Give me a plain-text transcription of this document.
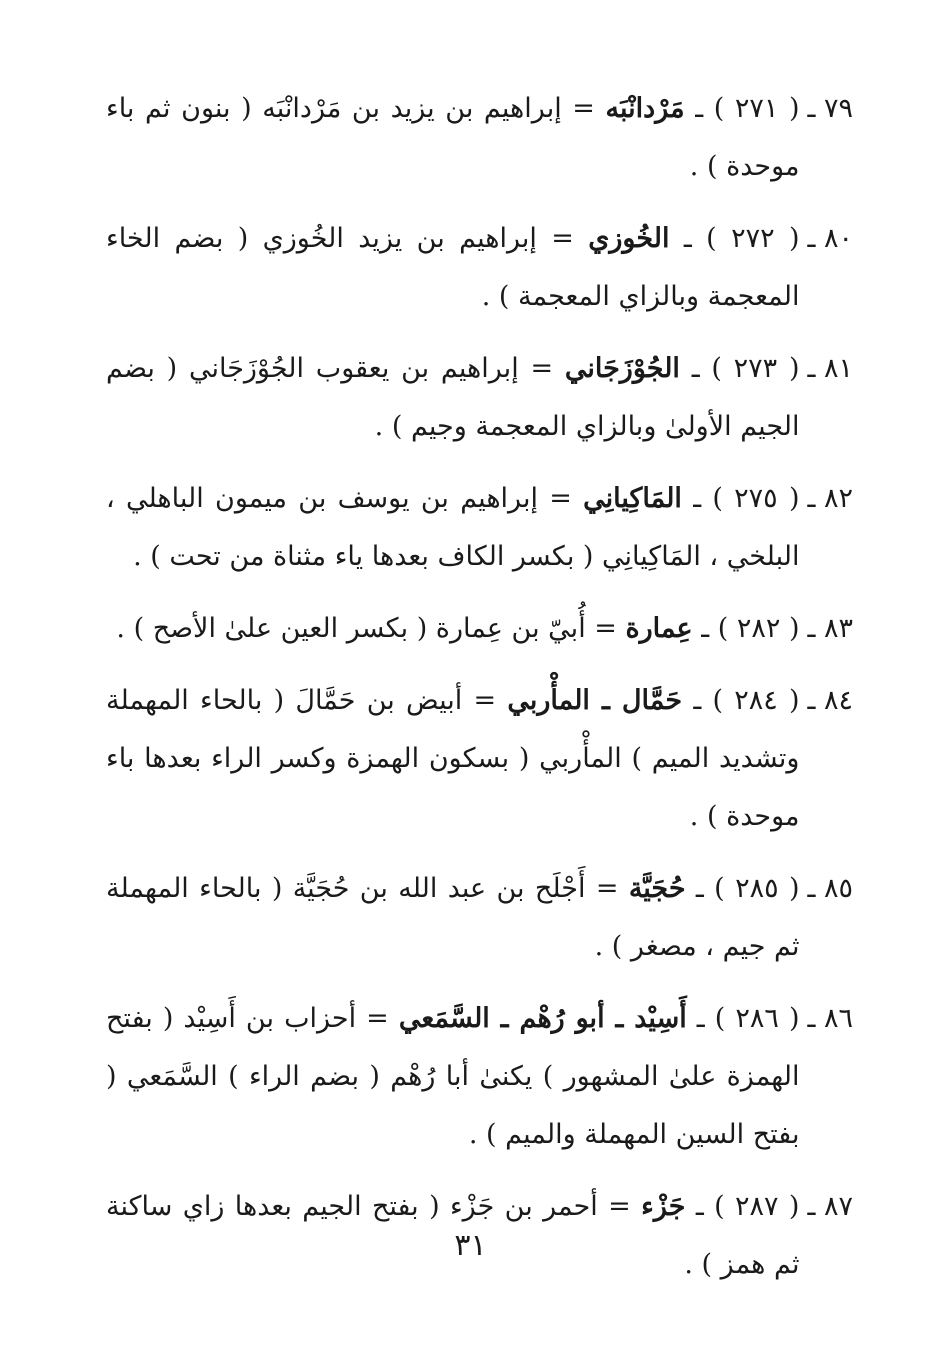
٧٩ ـ
( ٢٧١ ) ـ مَرْدانْبَه = إبراهيم بن يزيد بن مَرْدانْبَه ( بنون ثم باء موحدة ) .
٨٠ ـ
( ٢٧٢ ) ـ الخُوزي = إبراهيم بن يزيد الخُوزي ( بضم الخاء المعجمة وبالزاي المعجمة ) .
٨١ ـ
( ٢٧٣ ) ـ الجُوْزَجَاني = إبراهيم بن يعقوب الجُوْزَجَاني ( بضم الجيم الأولىٰ وبالزاي المعجمة وجيم ) .
٨٢ ـ
( ٢٧٥ ) ـ المَاكِيانِي = إبراهيم بن يوسف بن ميمون الباهلي ، البلخي ، المَاكِيانِي ( بكسر الكاف بعدها ياء مثناة من تحت ) .
٨٣ ـ
( ٢٨٢ ) ـ عِمارة = أُبيّ بن عِمارة ( بكسر العين علىٰ الأصح ) .
٨٤ ـ
( ٢٨٤ ) ـ حَمَّال ـ المأْربي = أبيض بن حَمَّالَ ( بالحاء المهملة وتشديد الميم ) المأْربي ( بسكون الهمزة وكسر الراء بعدها باء موحدة ) .
٨٥ ـ
( ٢٨٥ ) ـ حُجَيَّة = أَجْلَح بن عبد الله بن حُجَيَّة ( بالحاء المهملة ثم جيم ، مصغر ) .
٨٦ ـ
( ٢٨٦ ) ـ أَسِيْد ـ أبو رُهْم ـ السَّمَعي = أحزاب بن أَسِيْد ( بفتح الهمزة علىٰ المشهور ) يكنىٰ أبا رُهْم ( بضم الراء ) السَّمَعي ( بفتح السين المهملة والميم ) .
٨٧ ـ
( ٢٨٧ ) ـ جَزْء = أحمر بن جَزْء ( بفتح الجيم بعدها زاي ساكنة ثم همز ) .
٣١
